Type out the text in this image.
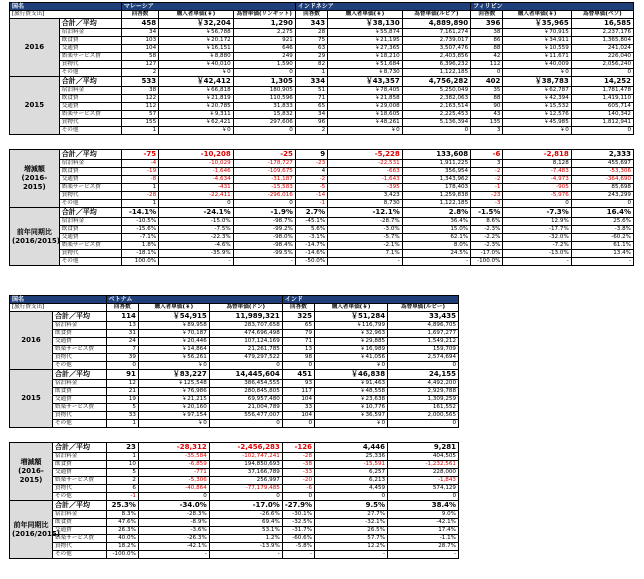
国名		マレーシア			インドネシア			フィリピン		
[旅行費支出]		回答数	購入者単価(￥)	為替単価(リンギット)	回答数	購入者単価(￥)	為替単価(ルピア)	回答数	購入者単価(￥)	為替単価(ペソ)
2016	合計／平均	458	￥32,204	1,290	343	￥38,130	4,889,890	396	￥35,965	16,585
	宿泊料金	34	￥56,788	2,275	28	￥55,874	7,161,274	38	￥70,915	2,237,176
	飲食費	103	￥20,172	921	75	￥21,195	2,739,017	86	￥34,911	1,365,804
	交通費	104	￥16,151	646	63	￥27,365	3,507,476	88	￥10,559	241,024
	娯楽サービス費	58	￥8,880	249	29	￥18,210	2,403,856	42	￥11,671	226,040
	買物代	127	￥40,010	1,590	82	￥51,684	6,396,232	112	￥40,009	2,056,240
	その他	2	￥0	0	1	￥8,730	1,122,185	0	￥0	0
2015	合計／平均	533	￥42,412	1,305	334	￥43,357	4,756,282	402	￥38,783	14,252
	宿泊料金	38	￥66,818	180,905	51	￥78,405	5,250,049	35	￥62,787	1,781,478
	飲食費	122	￥21,819	110,596	71	￥21,858	2,382,063	88	￥42,394	1,419,110
	交通費	112	￥20,785	31,833	65	￥29,008	2,163,514	90	￥15,532	605,714
	娯楽サービス費	57	￥9,311	15,832	34	￥18,605	2,225,453	43	￥12,576	140,342
	買物代	155	￥62,421	297,606	96	￥48,261	5,136,394	135	￥45,985	1,812,941
	その他	1	￥0	0	2	￥0	0	3	￥0	0

増減額
(2016-2015)	合計／平均	-75	-10,208	-25	9	-5,228	133,608	-6	-2,818	2,333
	宿泊料金	-4	-10,029	-178,727	-23	-22,531	1,911,225	3	8,128	455,697
	飲食費	-19	-1,646	-109,675	4	-663	356,954	-2	-7,483	-53,306
	交通費	-8	-4,634	-31,187	-2	-1,643	1,343,962	-2	-4,973	-364,690
	娯楽サービス費	1	-431	-15,583	-5	-395	178,403	-1	-905	85,698
	買物代	-28	-22,411	-296,016	-14	3,423	1,259,838	-23	-5,976	243,299
	その他	1	0	0	-1	8,730	1,122,185	-3	0	0
前年同期比
(2016/2015)	合計／平均	-14.1%	-24.1%	-1.9%	2.7%	-12.1%	2.8%	-1.5%	-7.3%	16.4%
	宿泊料金	-10.5%	-15.0%	-98.7%	-45.1%	-28.7%	36.4%	8.6%	12.9%	25.6%
	飲食費	-15.6%	-7.5%	-99.2%	5.6%	-3.0%	15.0%	-2.3%	-17.7%	-3.8%
	交通費	-7.1%	-22.3%	-98.0%	-3.1%	-5.7%	62.1%	-2.2%	-32.0%	-60.2%
	娯楽サービス費	1.8%	-4.6%	-98.4%	-14.7%	-2.1%	8.0%	-2.3%	-7.2%	61.1%
	買物代	-18.1%	-35.9%	-99.5%	-14.6%	7.1%	24.5%	-17.0%	-13.0%	13.4%
	その他	100.0%	-	-	-50.0%	-	-	-100.0%	-	-
国名		ベトナム			インド		
[旅行費支出]		回答数	購入者単価(￥)	為替単価(ドン)	回答数	購入者単価(￥)	為替単価(ルピー)
2016	合計／平均	114	￥54,915	11,989,321	325	￥51,284	33,435
	宿泊料金	13	￥89,958	283,707,658	65	￥116,799	4,896,705
	飲食費	31	￥70,187	474,696,498	79	￥32,963	1,697,277
	交通費	24	￥20,446	107,124,169	71	￥29,885	1,549,212
	娯楽サービス費	7	￥14,864	21,261,785	13	￥16,989	159,709
	買物代	39	￥56,261	479,297,522	98	￥41,056	2,574,694
	その他	0	￥0	0	0	￥0	0
2015	合計／平均	91	￥83,227	14,445,604	451	￥46,838	24,155
	宿泊料金	12	￥125,548	386,454,555	93	￥91,463	4,492,200
	飲食費	21	￥76,986	280,845,805	117	￥48,558	2,929,788
	交通費	19	￥21,215	69,957,480	104	￥23,638	1,309,259
	娯楽サービス費	5	￥20,160	21,004,789	33	￥10,776	161,552
	買物代	33	￥97,154	556,477,007	104	￥36,597	2,000,565
	その他	1	￥0	0	0	￥0	0

増減額
(2016-2015)	合計／平均	23	-28,312	-2,456,283	-126	4,446	9,281
	宿泊料金	1	-35,584	-102,747,241	-28	25,336	404,505
	飲食費	10	-6,859	194,850,693	-38	-15,591	-1,232,561
	交通費	5	-771	37,166,789	-33	6,257	228,000
	娯楽サービス費	2	-5,306	256,997	-20	6,213	-1,843
	買物代	6	-40,864	-77,179,485	-6	4,459	574,129
	その他	-1	0	0	0	0	0
前年同期比
(2016/2015)	合計／平均	25.3%	-34.0%	-17.0%	-27.9%	9.5%	38.4%
	宿泊料金	8.3%	-28.3%	-26.6%	-30.1%	27.7%	9.0%
	飲食費	47.6%	-8.9%	69.4%	-32.5%	-32.1%	-42.1%
	交通費	26.3%	-3.6%	53.1%	-31.7%	26.5%	17.4%
	娯楽サービス費	40.0%	-26.3%	1.2%	-60.6%	57.7%	-1.1%
	買物代	18.2%	-42.1%	-13.9%	-5.8%	12.2%	28.7%
	その他	-100.0%	-	-	-	-	-
